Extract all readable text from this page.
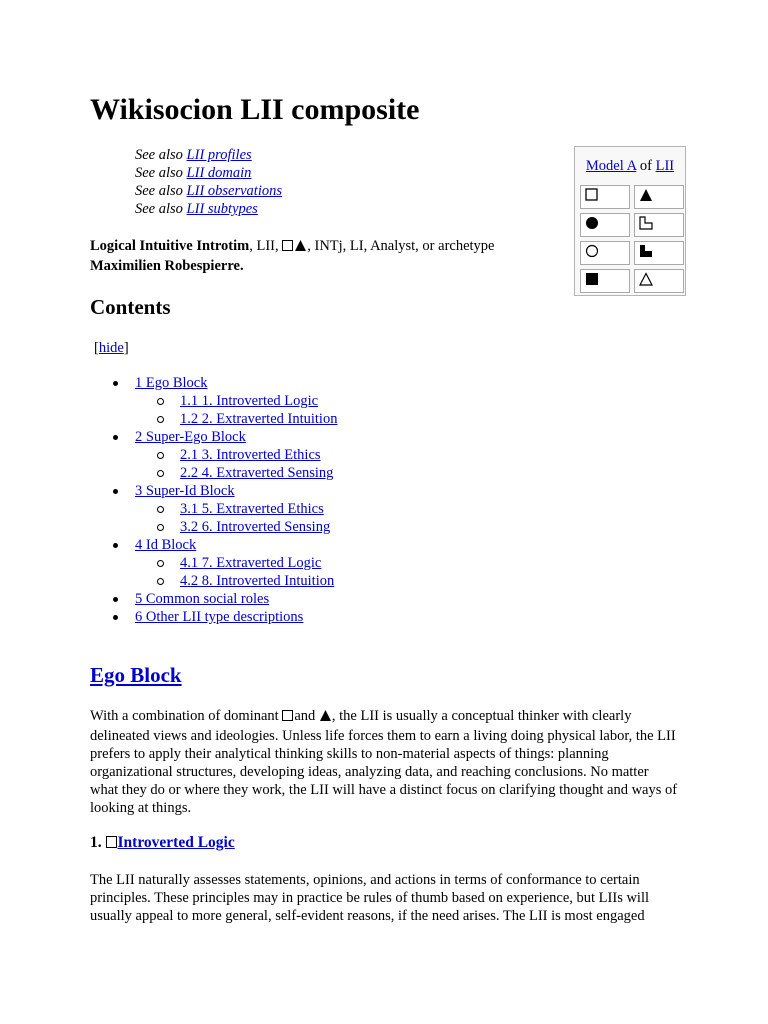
Wikisocion LII composite
See also LII profiles
See also LII domain
See also LII observations
See also LII subtypes
Logical Intuitive Introtim, LII, , INTj, LI, Analyst, or archetype
Maximilien Robespierre.
Model A of LII
Contents
[hide]
1 Ego Block
1.1 1. Introverted Logic
1.2 2. Extraverted Intuition
2 Super-Ego Block
2.1 3. Introverted Ethics
2.2 4. Extraverted Sensing
3 Super-Id Block
3.1 5. Extraverted Ethics
3.2 6. Introverted Sensing
4 Id Block
4.1 7. Extraverted Logic
4.2 8. Introverted Intuition
5 Common social roles
6 Other LII type descriptions
Ego Block

With a combination of dominant and , the LII is usually a conceptual thinker with clearly delineated views and ideologies. Unless life forces them to earn a living doing physical labor, the LII prefers to apply their analytical thinking skills to non-material aspects of things: planning organizational structures, developing ideas, analyzing data, and reaching conclusions. No matter what they do or where they work, the LII will have a distinct focus on clarifying thought and ways of looking at things.

1. Introverted Logic

The LII naturally assesses statements, opinions, and actions in terms of conformance to certain principles. These principles may in practice be rules of thumb based on experience, but LIIs will usually appeal to more general, self-evident reasons, if the need arises. The LII is most engaged
